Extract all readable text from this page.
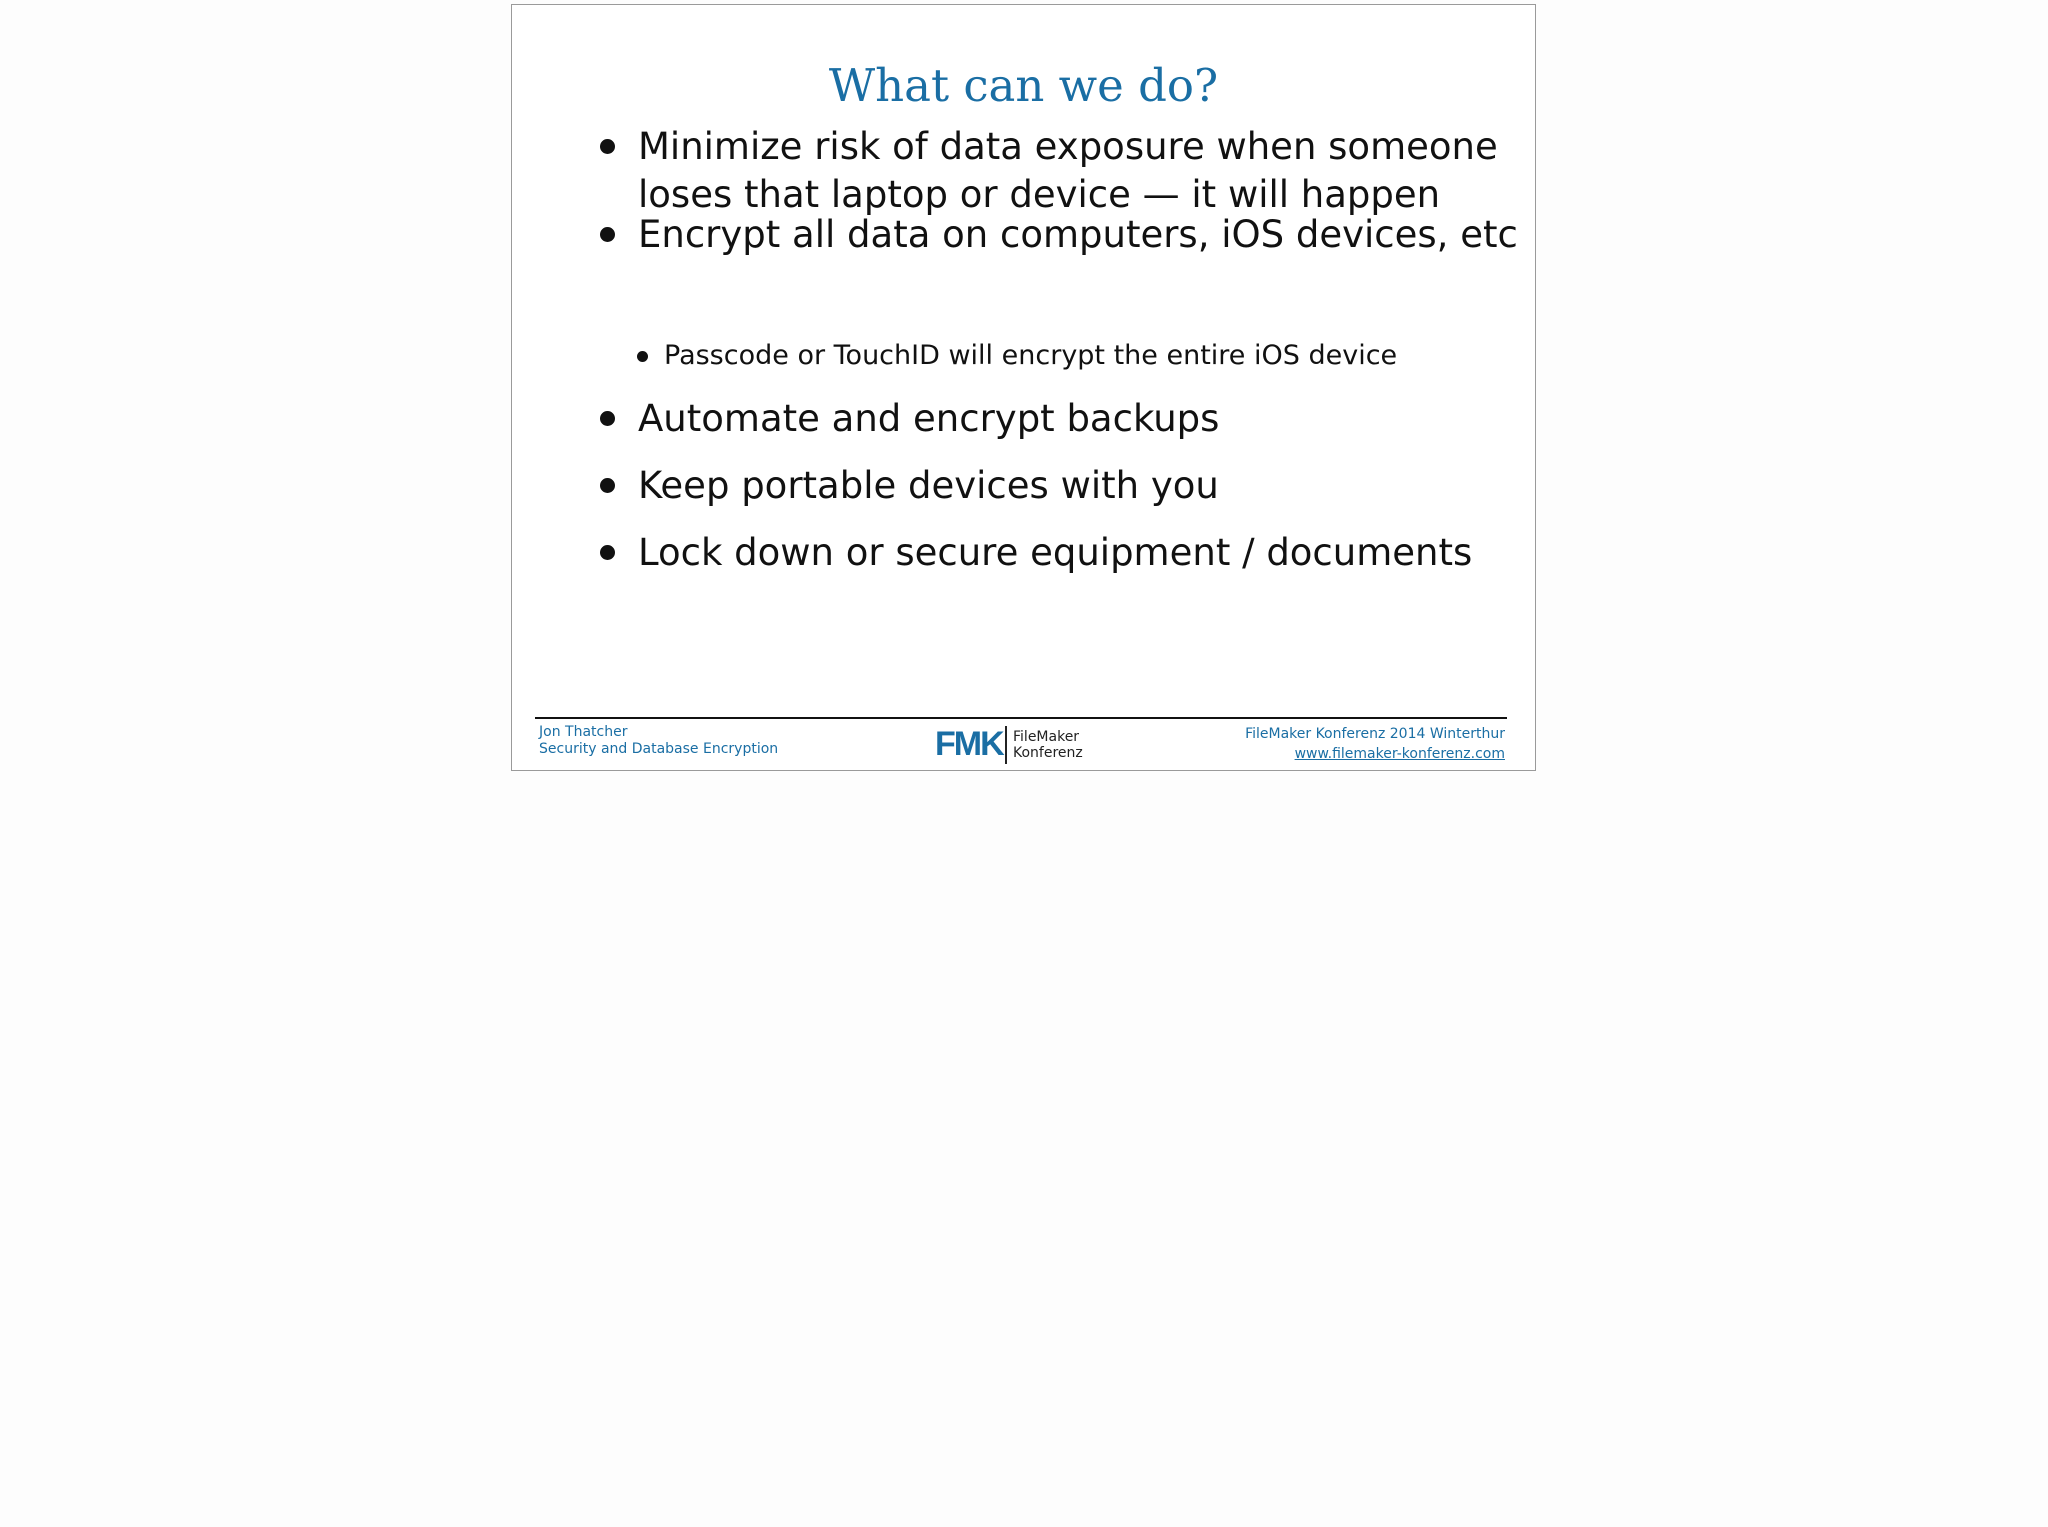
What can we do?
Minimize risk of data exposure when someone
loses that laptop or device — it will happen
Encrypt all data on computers, iOS devices, etc
Passcode or TouchID will encrypt the entire iOS device
Automate and encrypt backups
Keep portable devices with you
Lock down or secure equipment / documents
Jon Thatcher
Security and Database Encryption	FMK FileMaker
Konferenz
FileMaker Konferenz 2014 Winterthur
www.filemaker-konferenz.com
